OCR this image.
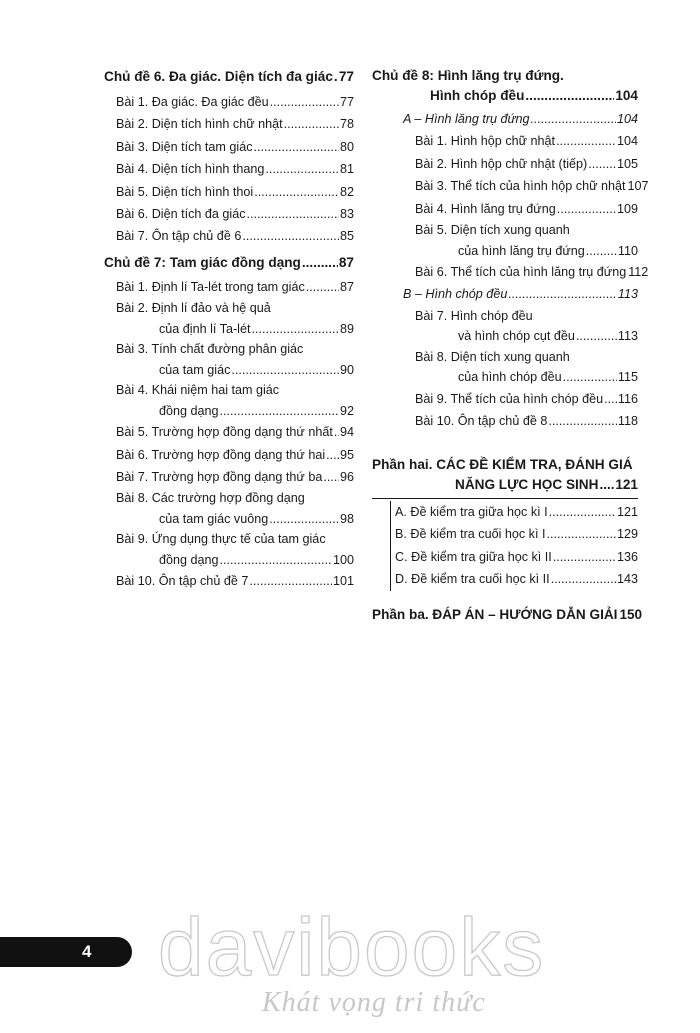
Chủ đề 6. Đa giác. Diện tích đa giác ..... 77
Bài 1. Đa giác. Đa giác đều .....	77
Bài 2. Diện tích hình chữ nhật .....	78
Bài 3. Diện tích tam giác .....	80
Bài 4. Diện tích hình thang .....	81
Bài 5. Diện tích hình thoi .....	82
Bài 6. Diện tích đa giác .....	83
Bài 7. Ôn tập chủ đề 6 .....	85
Chủ đề 7: Tam giác đồng dạng .....	87
Bài 1. Định lí Ta-lét trong tam giác .....	87
Bài 2. Định lí đảo và hệ quả
của định lí Ta-lét .....	89
Bài 3. Tính chất đường phân giác
của tam giác .....	90
Bài 4. Khái niệm hai tam giác
đồng dạng .....	92
Bài 5. Trường hợp đồng dạng thứ nhất ..... 94
Bài 6. Trường hợp đồng dạng thứ hai ..... 95
Bài 7. Trường hợp đồng dạng thứ ba ..... 96
Bài 8. Các trường hợp đồng dạng
của tam giác vuông .....	98
Bài 9. Ứng dụng thực tế của tam giác
đồng dạng .....	100
Bài 10. Ôn tập chủ đề 7 .....	101
Chủ đề 8: Hình lăng trụ đứng.
Hình chóp đều .....	104
A – Hình lăng trụ đứng .....	104
Bài 1. Hình hộp chữ nhật .....	104
Bài 2. Hình hộp chữ nhật (tiếp) ..... 105
Bài 3. Thể tích của hình hộp chữ nhật 107
Bài 4. Hình lăng trụ đứng .....	109
Bài 5. Diện tích xung quanh
của hình lăng trụ đứng .....	110
Bài 6. Thể tích của hình lăng trụ đứng 112
B – Hình chóp đều .....	113
Bài 7. Hình chóp đều
và hình chóp cụt đều .....	113
Bài 8. Diện tích xung quanh
của hình chóp đều .....	115
Bài 9. Thể tích của hình chóp đều ..... 116
Bài 10. Ôn tập chủ đề 8 .....	118
Phần hai. CÁC ĐỀ KIỂM TRA, ĐÁNH GIÁ
NĂNG LỰC HỌC SINH ..... 121
A. Đề kiểm tra giữa học kì I .....	121
B. Đề kiểm tra cuối học kì I .....	129
C. Đề kiểm tra giữa học kì II .....	136
D. Đề kiểm tra cuối học kì II .....	143
Phần ba. ĐÁP ÁN – HƯỚNG DẪN GIẢI 150
4 davibooks
Khát vọng tri thức
